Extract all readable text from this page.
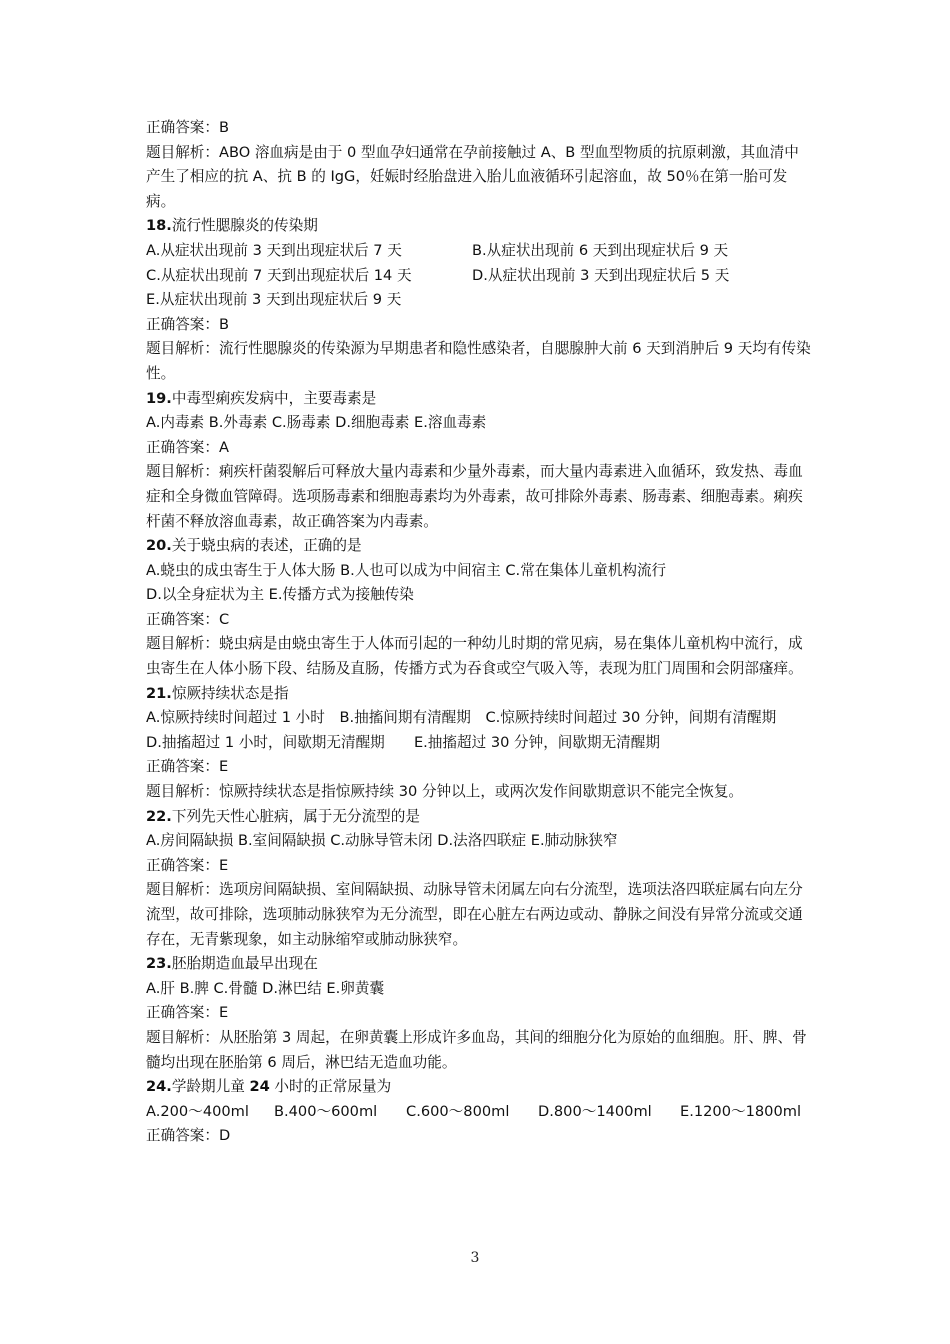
正确答案：B
题目解析：ABO 溶血病是由于 0 型血孕妇通常在孕前接触过 A、B 型血型物质的抗原刺激，其血清中产生了相应的抗 A、抗 B 的 IgG，妊娠时经胎盘进入胎儿血液循环引起溶血，故 50％在第一胎可发病。
18.流行性腮腺炎的传染期
A.从症状出现前 3 天到出现症状后 7 天	B.从症状出现前 6 天到出现症状后 9 天
C.从症状出现前 7 天到出现症状后 14 天	D.从症状出现前 3 天到出现症状后 5 天
E.从症状出现前 3 天到出现症状后 9 天
正确答案：B
题目解析：流行性腮腺炎的传染源为早期患者和隐性感染者，自腮腺肿大前 6 天到消肿后 9 天均有传染性。
19.中毒型痢疾发病中，主要毒素是
A.内毒素 B.外毒素 C.肠毒素 D.细胞毒素 E.溶血毒素
正确答案：A
题目解析：痢疾杆菌裂解后可释放大量内毒素和少量外毒素，而大量内毒素进入血循环，致发热、毒血症和全身微血管障碍。选项肠毒素和细胞毒素均为外毒素，故可排除外毒素、肠毒素、细胞毒素。痢疾杆菌不释放溶血毒素，故正确答案为内毒素。
20.关于蛲虫病的表述，正确的是
A.蛲虫的成虫寄生于人体大肠 B.人也可以成为中间宿主 C.常在集体儿童机构流行
D.以全身症状为主 E.传播方式为接触传染
正确答案：C
题目解析：蛲虫病是由蛲虫寄生于人体而引起的一种幼儿时期的常见病，易在集体儿童机构中流行，成虫寄生在人体小肠下段、结肠及直肠，传播方式为吞食或空气吸入等，表现为肛门周围和会阴部瘙痒。
21.惊厥持续状态是指
A.惊厥持续时间超过 1 小时　B.抽搐间期有清醒期　C.惊厥持续时间超过 30 分钟，间期有清醒期　　D.抽搐超过 1 小时，间歇期无清醒期　　E.抽搐超过 30 分钟，间歇期无清醒期
正确答案：E
题目解析：惊厥持续状态是指惊厥持续 30 分钟以上，或两次发作间歇期意识不能完全恢复。
22.下列先天性心脏病，属于无分流型的是
A.房间隔缺损 B.室间隔缺损 C.动脉导管未闭 D.法洛四联症 E.肺动脉狭窄
正确答案：E
题目解析：选项房间隔缺损、室间隔缺损、动脉导管未闭属左向右分流型，选项法洛四联症属右向左分流型，故可排除，选项肺动脉狭窄为无分流型，即在心脏左右两边或动、静脉之间没有异常分流或交通存在，无青紫现象，如主动脉缩窄或肺动脉狭窄。
23.胚胎期造血最早出现在
A.肝 B.脾 C.骨髓 D.淋巴结 E.卵黄囊
正确答案：E
题目解析：从胚胎第 3 周起，在卵黄囊上形成许多血岛，其间的细胞分化为原始的血细胞。肝、脾、骨髓均出现在胚胎第 6 周后，淋巴结无造血功能。
24.学龄期儿童 24 小时的正常尿量为
A.200～400ml B.400～600ml C.600～800ml D.800～1400ml E.1200～1800ml
正确答案：D
3
